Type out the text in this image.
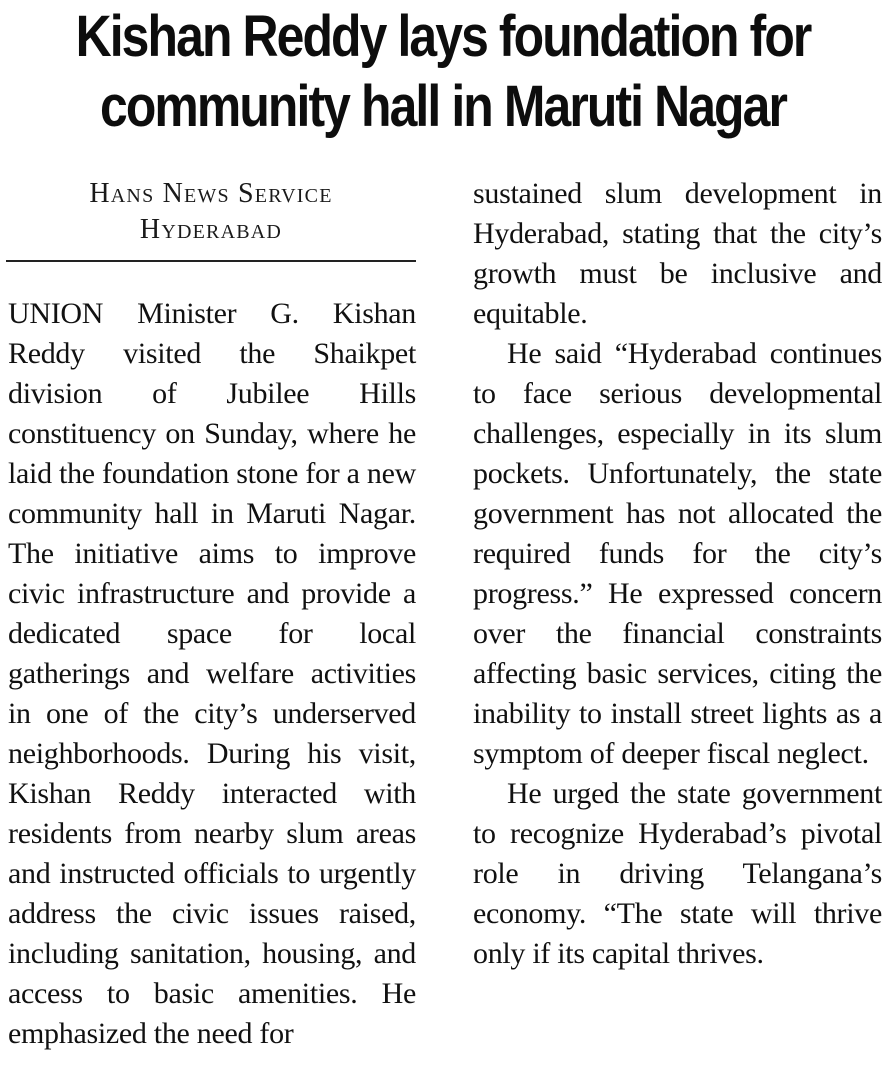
Kishan Reddy lays foundation for
community hall in Maruti Nagar
Hans News Service
Hyderabad

UNION Minister G. Kishan Reddy visited the Shaikpet division of Jubilee Hills constituency on Sunday, where he laid the foundation stone for a new community hall in Maruti Nagar. The initiative aims to improve civic infrastructure and provide a dedicated space for local gatherings and welfare activities in one of the city’s underserved neighborhoods. During his visit, Kishan Reddy interacted with residents from nearby slum areas and instructed officials to urgently address the civic issues raised, including sanitation, housing, and access to basic amenities. He emphasized the need for

sustained slum development in Hyderabad, stating that the city’s growth must be inclusive and equitable.

He said “Hyderabad continues to face serious developmental challenges, especially in its slum pockets. Unfortunately, the state government has not allocated the required funds for the city’s progress.” He expressed concern over the financial constraints affecting basic services, citing the inability to install street lights as a symptom of deeper fiscal neglect.

He urged the state government to recognize Hyderabad’s pivotal role in driving Telangana’s economy. “The state will thrive only if its capital thrives.
